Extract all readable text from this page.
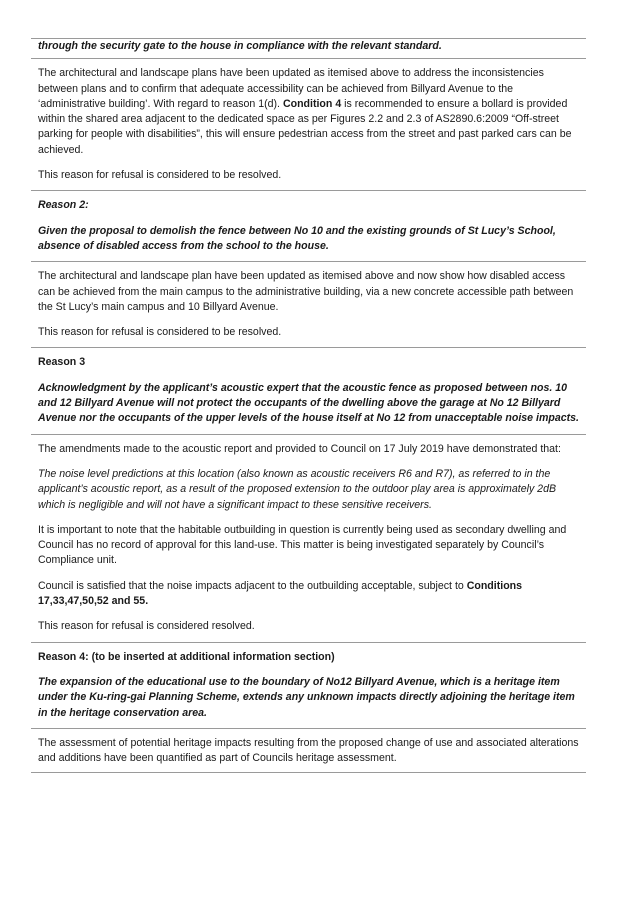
through the security gate to the house in compliance with the relevant standard.

The architectural and landscape plans have been updated as itemised above to address the inconsistencies between plans and to confirm that adequate accessibility can be achieved from Billyard Avenue to the ‘administrative building’. With regard to reason 1(d). Condition 4 is recommended to ensure a bollard is provided within the shared area adjacent to the dedicated space as per Figures 2.2 and 2.3 of AS2890.6:2009 “Off-street parking for people with disabilities”, this will ensure pedestrian access from the street and past parked cars can be achieved.

This reason for refusal is considered to be resolved.

Reason 2:

Given the proposal to demolish the fence between No 10 and the existing grounds of St Lucy’s School, absence of disabled access from the school to the house.

The architectural and landscape plan have been updated as itemised above and now show how disabled access can be achieved from the main campus to the administrative building, via a new concrete accessible path between the St Lucy’s main campus and 10 Billyard Avenue.

This reason for refusal is considered to be resolved.

Reason 3

Acknowledgment by the applicant’s acoustic expert that the acoustic fence as proposed between nos. 10 and 12 Billyard Avenue will not protect the occupants of the dwelling above the garage at No 12 Billyard Avenue nor the occupants of the upper levels of the house itself at No 12 from unacceptable noise impacts.

The amendments made to the acoustic report and provided to Council on 17 July 2019 have demonstrated that:

The noise level predictions at this location (also known as acoustic receivers R6 and R7), as referred to in the applicant’s acoustic report, as a result of the proposed extension to the outdoor play area is approximately 2dB which is negligible and will not have a significant impact to these sensitive receivers.

It is important to note that the habitable outbuilding in question is currently being used as secondary dwelling and Council has no record of approval for this land-use. This matter is being investigated separately by Council’s Compliance unit.

Council is satisfied that the noise impacts adjacent to the outbuilding acceptable, subject to Conditions 17,33,47,50,52 and 55.

This reason for refusal is considered resolved.

Reason 4: (to be inserted at additional information section)

The expansion of the educational use to the boundary of No12 Billyard Avenue, which is a heritage item under the Ku-ring-gai Planning Scheme, extends any unknown impacts directly adjoining the heritage item in the heritage conservation area.

The assessment of potential heritage impacts resulting from the proposed change of use and associated alterations and additions have been quantified as part of Councils heritage assessment.
